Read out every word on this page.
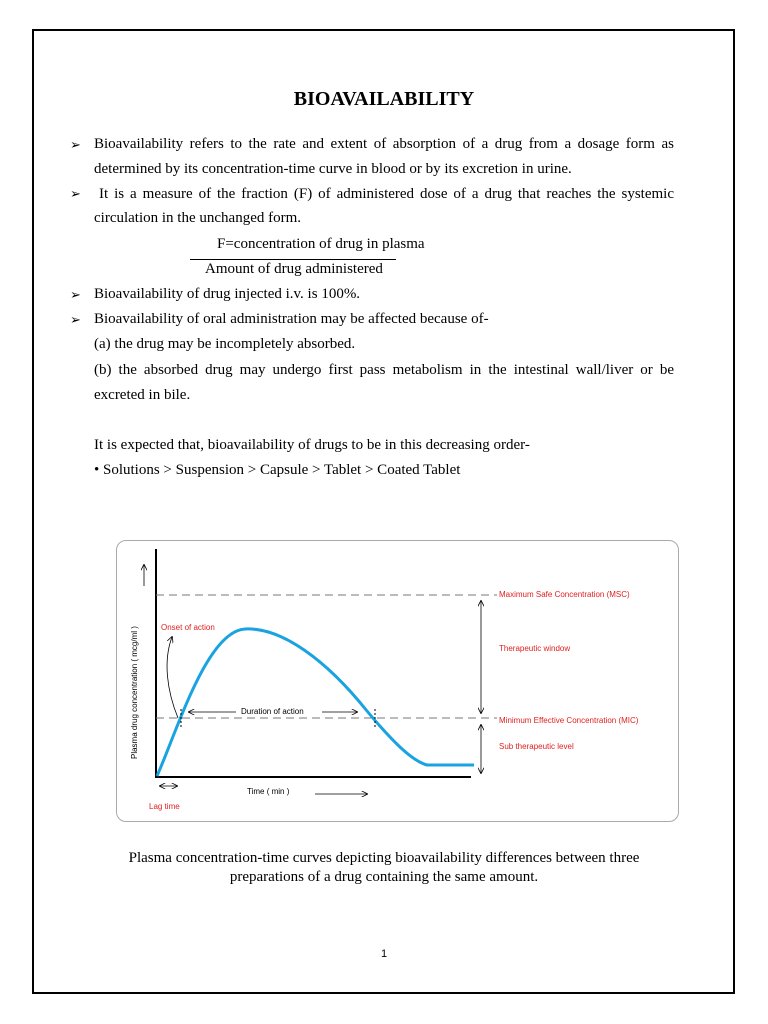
BIOAVAILABILITY
➢ Bioavailability refers to the rate and extent of absorption of a drug from a dosage form as
determined by its concentration-time curve in blood or by its excretion in urine.
➢ It is a measure of the fraction (F) of administered dose of a drug that reaches the systemic
circulation in the unchanged form.
F=concentration of drug in plasma
Amount of drug administered
➢ Bioavailability of drug injected i.v. is 100%.
➢ Bioavailability of oral administration may be affected because of-
(a) the drug may be incompletely absorbed.
(b) the absorbed drug may undergo first pass metabolism in the intestinal wall/liver or be
excreted in bile.
It is expected that, bioavailability of drugs to be in this decreasing order-
• Solutions > Suspension > Capsule > Tablet > Coated Tablet
Plasma drug concentration ( mcg/ml )
Time ( min )
Maximum Safe Concentration (MSC)
Therapeutic window
Minimum Effective Concentration (MIC)
Sub therapeutic level
Onset of action
Duration of action
Lag time
Plasma concentration-time curves depicting bioavailability differences between three
preparations of a drug containing the same amount.
1
